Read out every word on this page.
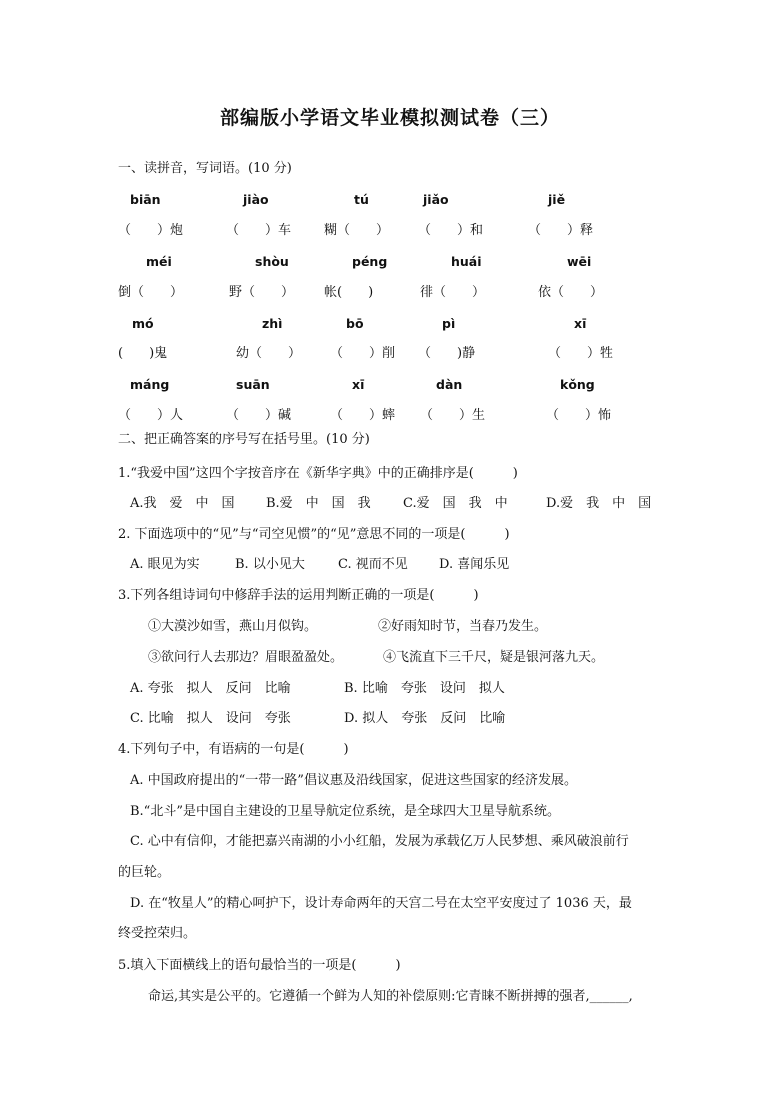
部编版小学语文毕业模拟测试卷（三）
一、读拼音，写词语。(10 分)
biān	jiào	tú	jiǎo	jiě
（　　）炮	（　　）车	糊（　　） （　　）和	（　　）释
méi	shòu	péng	huái	wēi
倒（　　）	野（　　） 帐(　　)	徘（　　）	依（　　）
mó	zhì	bō	pì	xī
(　　)鬼	幼（　　） （　　）削 （　　)静	（　　）牲
máng	suān	xī	dàn	kǒng
（　　）人	（　　）碱	（　　）蟀 （　　）生	（　　）怖
二、把正确答案的序号写在括号里。(10 分)
1.“我爱中国”这四个字按音序在《新华字典》中的正确排序是(　　　)
A.我　爱　中　国 B.爱　中　国　我 C.爱　国　我　中	D.爱　我　中　国
2. 下面选项中的“见”与“司空见惯”的“见”意思不同的一项是(　　　)
A. 眼见为实	B. 以小见大	C. 视而不见 D. 喜闻乐见
3.下列各组诗词句中修辞手法的运用判断正确的一项是(　　　)
①大漠沙如雪，燕山月似钩。	②好雨知时节，当春乃发生。
③欲问行人去那边？眉眼盈盈处。	④飞流直下三千尺，疑是银河落九天。
A. 夸张　拟人　反问　比喻	B. 比喻　夸张　设问　拟人
C. 比喻　拟人　设问　夸张	D. 拟人　夸张　反问　比喻
4.下列句子中，有语病的一句是(　　　)
A. 中国政府提出的“一带一路”倡议惠及沿线国家，促进这些国家的经济发展。
B.“北斗”是中国自主建设的卫星导航定位系统，是全球四大卫星导航系统。
C. 心中有信仰，才能把嘉兴南湖的小小红船，发展为承载亿万人民梦想、乘风破浪前行
的巨轮。
D. 在“牧星人”的精心呵护下，设计寿命两年的天宫二号在太空平安度过了 1036 天，最
终受控荣归。
5.填入下面横线上的语句最恰当的一项是(　　　)
命运,其实是公平的。它遵循一个鲜为人知的补偿原则:它青睐不断拼搏的强者,______,
